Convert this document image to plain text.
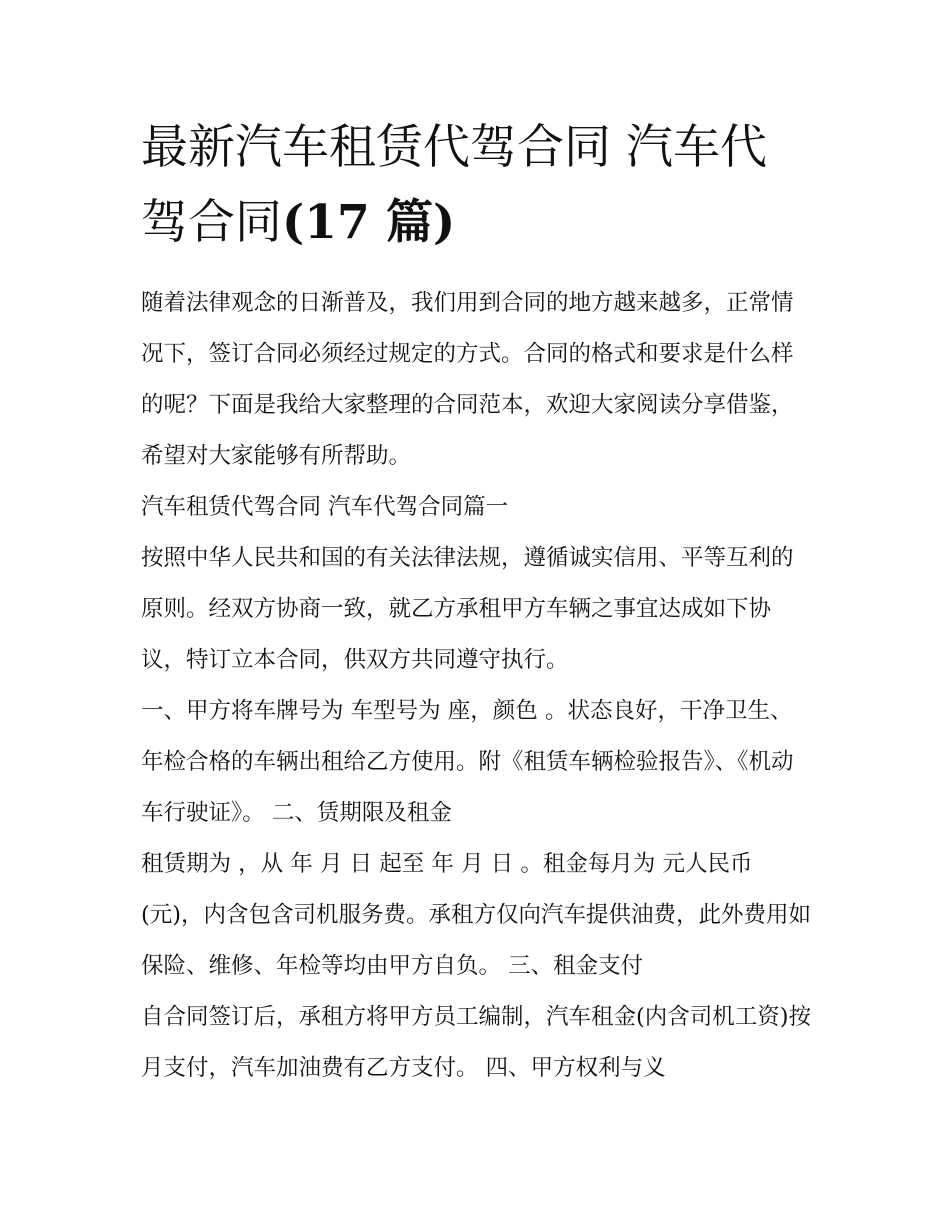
最新汽车租赁代驾合同 汽车代驾合同(17 篇)

随着法律观念的日渐普及，我们用到合同的地方越来越多，正常情况下，签订合同必须经过规定的方式。合同的格式和要求是什么样的呢？下面是我给大家整理的合同范本，欢迎大家阅读分享借鉴，希望对大家能够有所帮助。

汽车租赁代驾合同 汽车代驾合同篇一

按照中华人民共和国的有关法律法规，遵循诚实信用、平等互利的原则。经双方协商一致，就乙方承租甲方车辆之事宜达成如下协议，特订立本合同，供双方共同遵守执行。

一、甲方将车牌号为 车型号为 座，颜色 。状态良好，干净卫生、年检合格的车辆出租给乙方使用。附《租赁车辆检验报告》、《机动车行驶证》。 二、赁期限及租金

租赁期为 ，从 年 月 日 起至 年 月 日 。租金每月为 元人民币(元)，内含包含司机服务费。承租方仅向汽车提供油费，此外费用如保险、维修、年检等均由甲方自负。 三、租金支付

自合同签订后，承租方将甲方员工编制，汽车租金(内含司机工资)按月支付，汽车加油费有乙方支付。 四、甲方权利与义
